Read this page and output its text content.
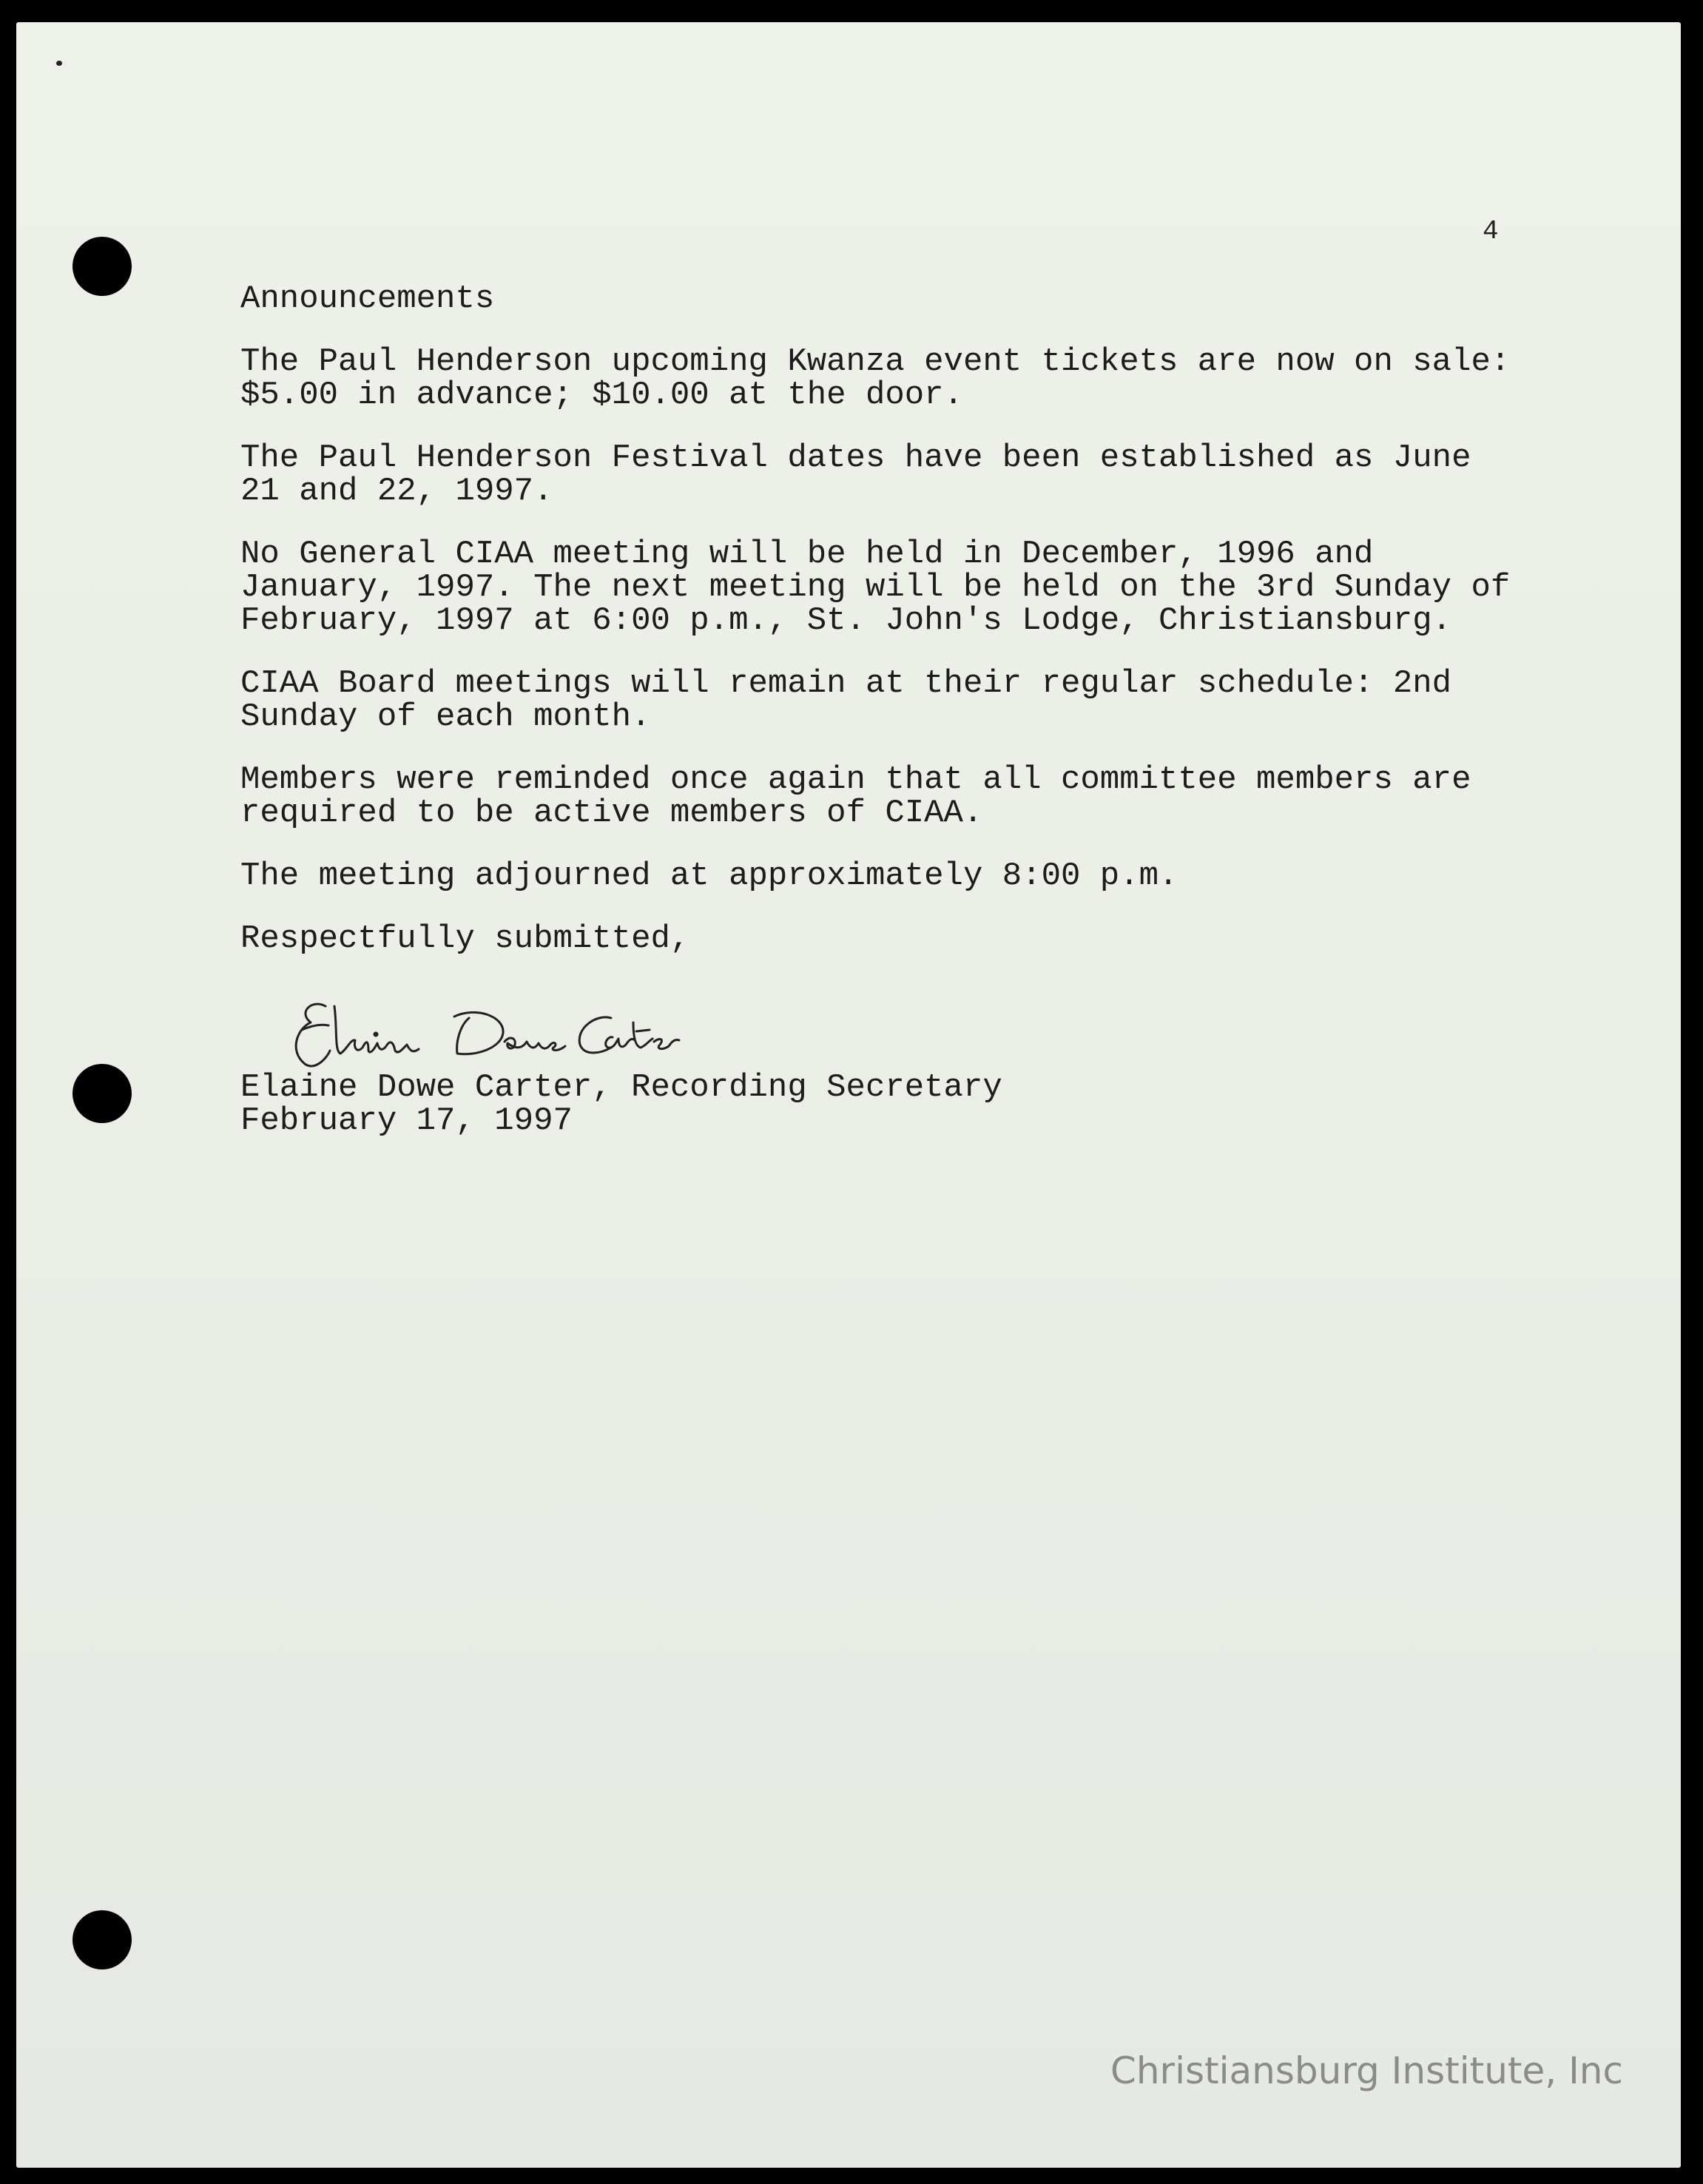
4
Announcements
The Paul Henderson upcoming Kwanza event tickets are now on sale:
$5.00 in advance; $10.00 at the door.
The Paul Henderson Festival dates have been established as June
21 and 22, 1997.
No General CIAA meeting will be held in December, 1996 and
January, 1997. The next meeting will be held on the 3rd Sunday of
February, 1997 at 6:00 p.m., St. John's Lodge, Christiansburg.
CIAA Board meetings will remain at their regular schedule: 2nd
Sunday of each month.
Members were reminded once again that all committee members are
required to be active members of CIAA.
The meeting adjourned at approximately 8:00 p.m.
Respectfully submitted,
Elaine Dowe Carter, Recording Secretary
February 17, 1997
Christiansburg Institute, Inc
